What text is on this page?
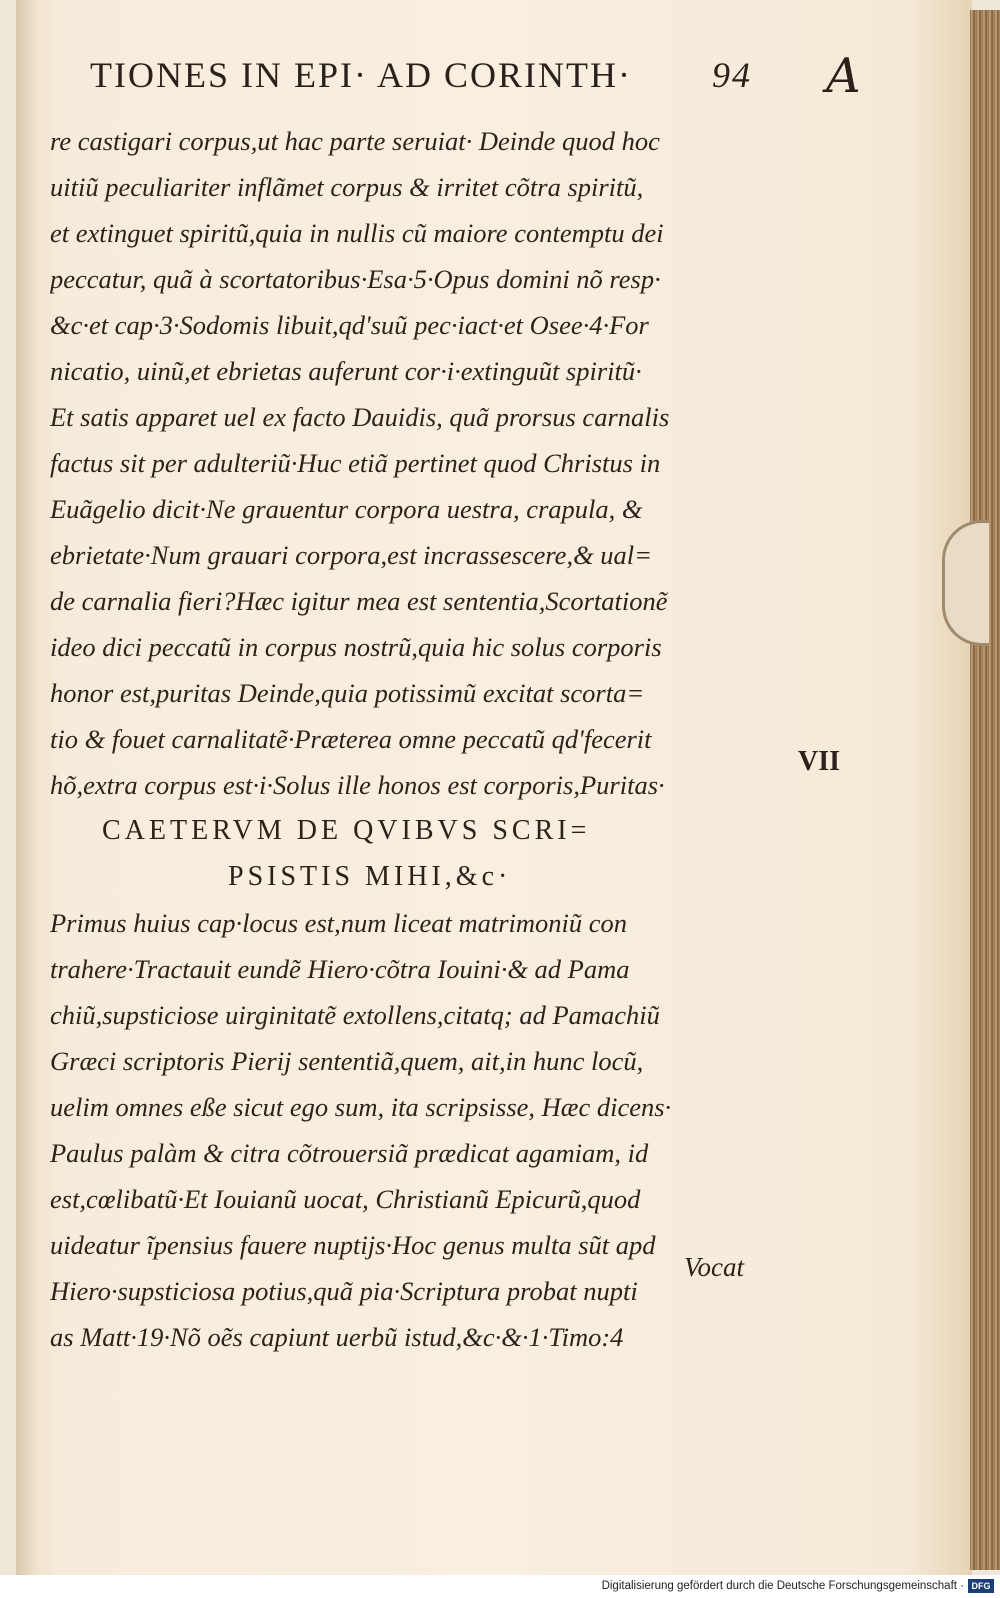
TIONES IN EPI· AD CORINTH· 94 A
re castigari corpus,ut hac parte seruiat· Deinde quod hoc
uitiũ peculiariter inflãmet corpus & irritet cõtra spiritũ,
et extinguet spiritũ,quia in nullis cũ maiore contemptu dei
peccatur, quã à scortatoribus·Esa·5·Opus domini nõ resp·
&c·et cap·3·Sodomis libuit,qd'suũ pec·iact·et Osee·4·For
nicatio, uinũ,et ebrietas auferunt cor·i·extinguũt spiritũ·
Et satis apparet uel ex facto Dauidis, quã prorsus carnalis
factus sit per adulteriũ·Huc etiã pertinet quod Christus in
Euãgelio dicit·Ne grauentur corpora uestra, crapula, &
ebrietate·Num grauari corpora,est incrassescere,& ual=
de carnalia fieri?Hæc igitur mea est sententia,Scortationẽ
ideo dici peccatũ in corpus nostrũ,quia hic solus corporis
honor est,puritas Deinde,quia potissimũ excitat scorta=
tio & fouet carnalitatẽ·Præterea omne peccatũ qd'fecerit
hõ,extra corpus est·i·Solus ille honos est corporis,Puritas·
CAETERVM DE QVIBVS SCRI=
PSISTIS MIHI,&c·
Primus huius cap·locus est,num liceat matrimoniũ con
trahere·Tractauit eundẽ Hiero·cõtra Iouini·& ad Pama
chiũ,supsticiose uirginitatẽ extollens,citatq; ad Pamachiũ
Græci scriptoris Pierij sententiã,quem, ait,in hunc locũ,
uelim omnes eße sicut ego sum, ita scripsisse, Hæc dicens·
Paulus palàm & citra cõtrouersiã prædicat agamiam, id
est,cœlibatũ·Et Iouianũ uocat, Christianũ Epicurũ,quod
uideatur ĩpensius fauere nuptijs·Hoc genus multa sũt apd
Hiero·supsticiosa potius,quã pia·Scriptura probat nupti
as Matt·19·Nõ oẽs capiunt uerbũ istud,&c·&·1·Timo:4
VII
Vocat
Digitalisierung gefördert durch die Deutsche Forschungsgemeinschaft · DFG
